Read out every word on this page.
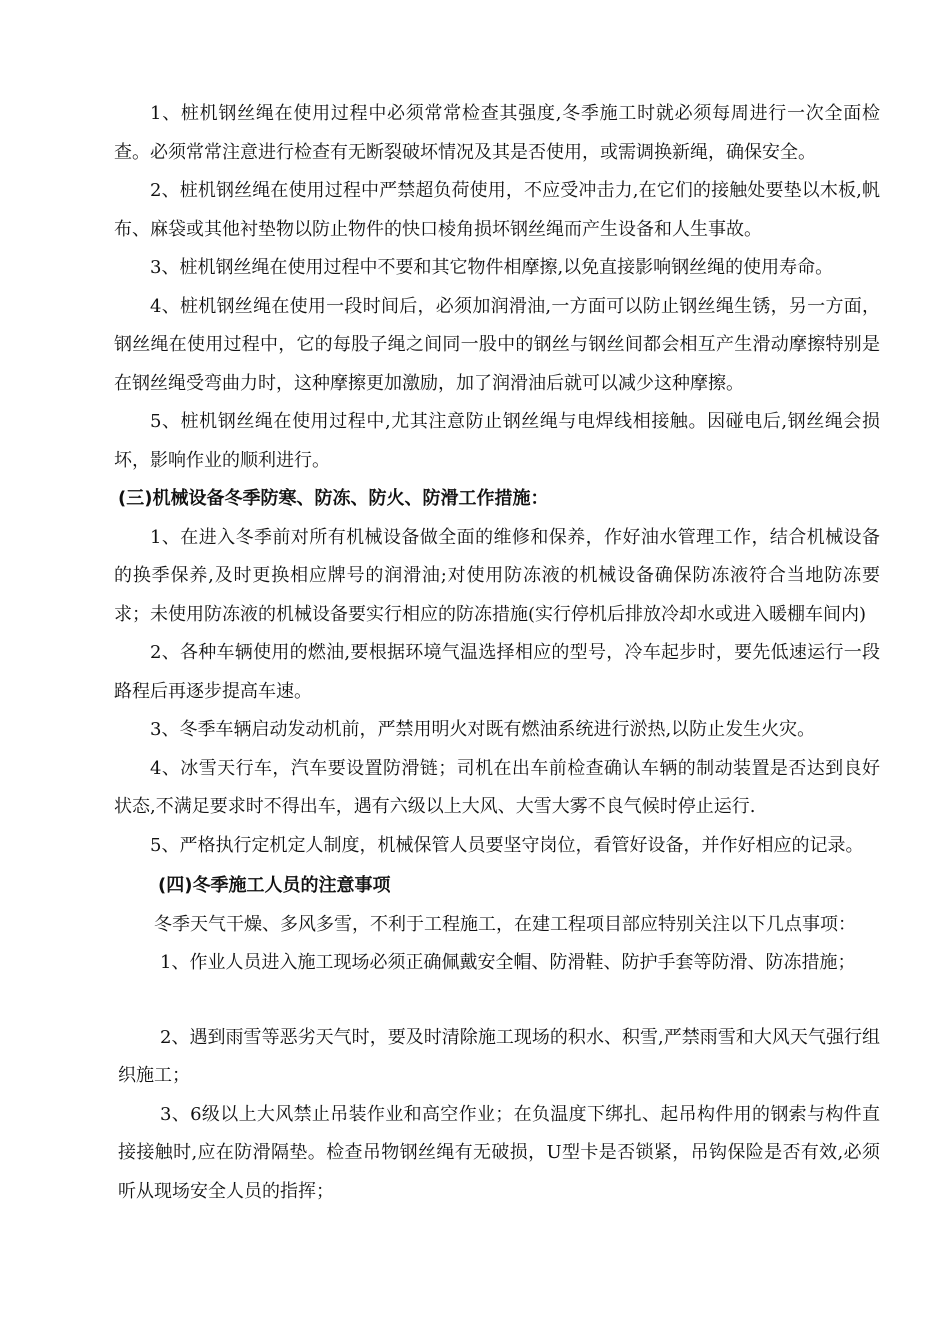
1、桩机钢丝绳在使用过程中必须常常检查其强度,冬季施工时就必须每周进行一次全面检查。必须常常注意进行检查有无断裂破坏情况及其是否使用，或需调换新绳，确保安全。

2、桩机钢丝绳在使用过程中严禁超负荷使用，不应受冲击力,在它们的接触处要垫以木板,帆布、麻袋或其他衬垫物以防止物件的快口棱角损坏钢丝绳而产生设备和人生事故。

3、桩机钢丝绳在使用过程中不要和其它物件相摩擦,以免直接影响钢丝绳的使用寿命。

4、桩机钢丝绳在使用一段时间后，必须加润滑油,一方面可以防止钢丝绳生锈，另一方面，钢丝绳在使用过程中，它的每股子绳之间同一股中的钢丝与钢丝间都会相互产生滑动摩擦特别是在钢丝绳受弯曲力时，这种摩擦更加激励，加了润滑油后就可以减少这种摩擦。

5、桩机钢丝绳在使用过程中,尤其注意防止钢丝绳与电焊线相接触。因碰电后,钢丝绳会损坏，影响作业的顺利进行。

(三)机械设备冬季防寒、防冻、防火、防滑工作措施：

1、在进入冬季前对所有机械设备做全面的维修和保养，作好油水管理工作，结合机械设备的换季保养,及时更换相应牌号的润滑油;对使用防冻液的机械设备确保防冻液符合当地防冻要求；未使用防冻液的机械设备要实行相应的防冻措施(实行停机后排放冷却水或进入暖棚车间内)

2、各种车辆使用的燃油,要根据环境气温选择相应的型号，冷车起步时，要先低速运行一段路程后再逐步提高车速。

3、冬季车辆启动发动机前，严禁用明火对既有燃油系统进行淤热,以防止发生火灾。

4、冰雪天行车，汽车要设置防滑链；司机在出车前检查确认车辆的制动装置是否达到良好状态,不满足要求时不得出车，遇有六级以上大风、大雪大雾不良气候时停止运行.

5、严格执行定机定人制度，机械保管人员要坚守岗位，看管好设备，并作好相应的记录。

(四)冬季施工人员的注意事项

冬季天气干燥、多风多雪，不利于工程施工，在建工程项目部应特别关注以下几点事项：

1、作业人员进入施工现场必须正确佩戴安全帽、防滑鞋、防护手套等防滑、防冻措施；

2、遇到雨雪等恶劣天气时，要及时清除施工现场的积水、积雪,严禁雨雪和大风天气强行组织施工；

3、6级以上大风禁止吊装作业和高空作业；在负温度下绑扎、起吊构件用的钢索与构件直接接触时,应在防滑隔垫。检查吊物钢丝绳有无破损，U型卡是否锁紧，吊钩保险是否有效,必须听从现场安全人员的指挥；
